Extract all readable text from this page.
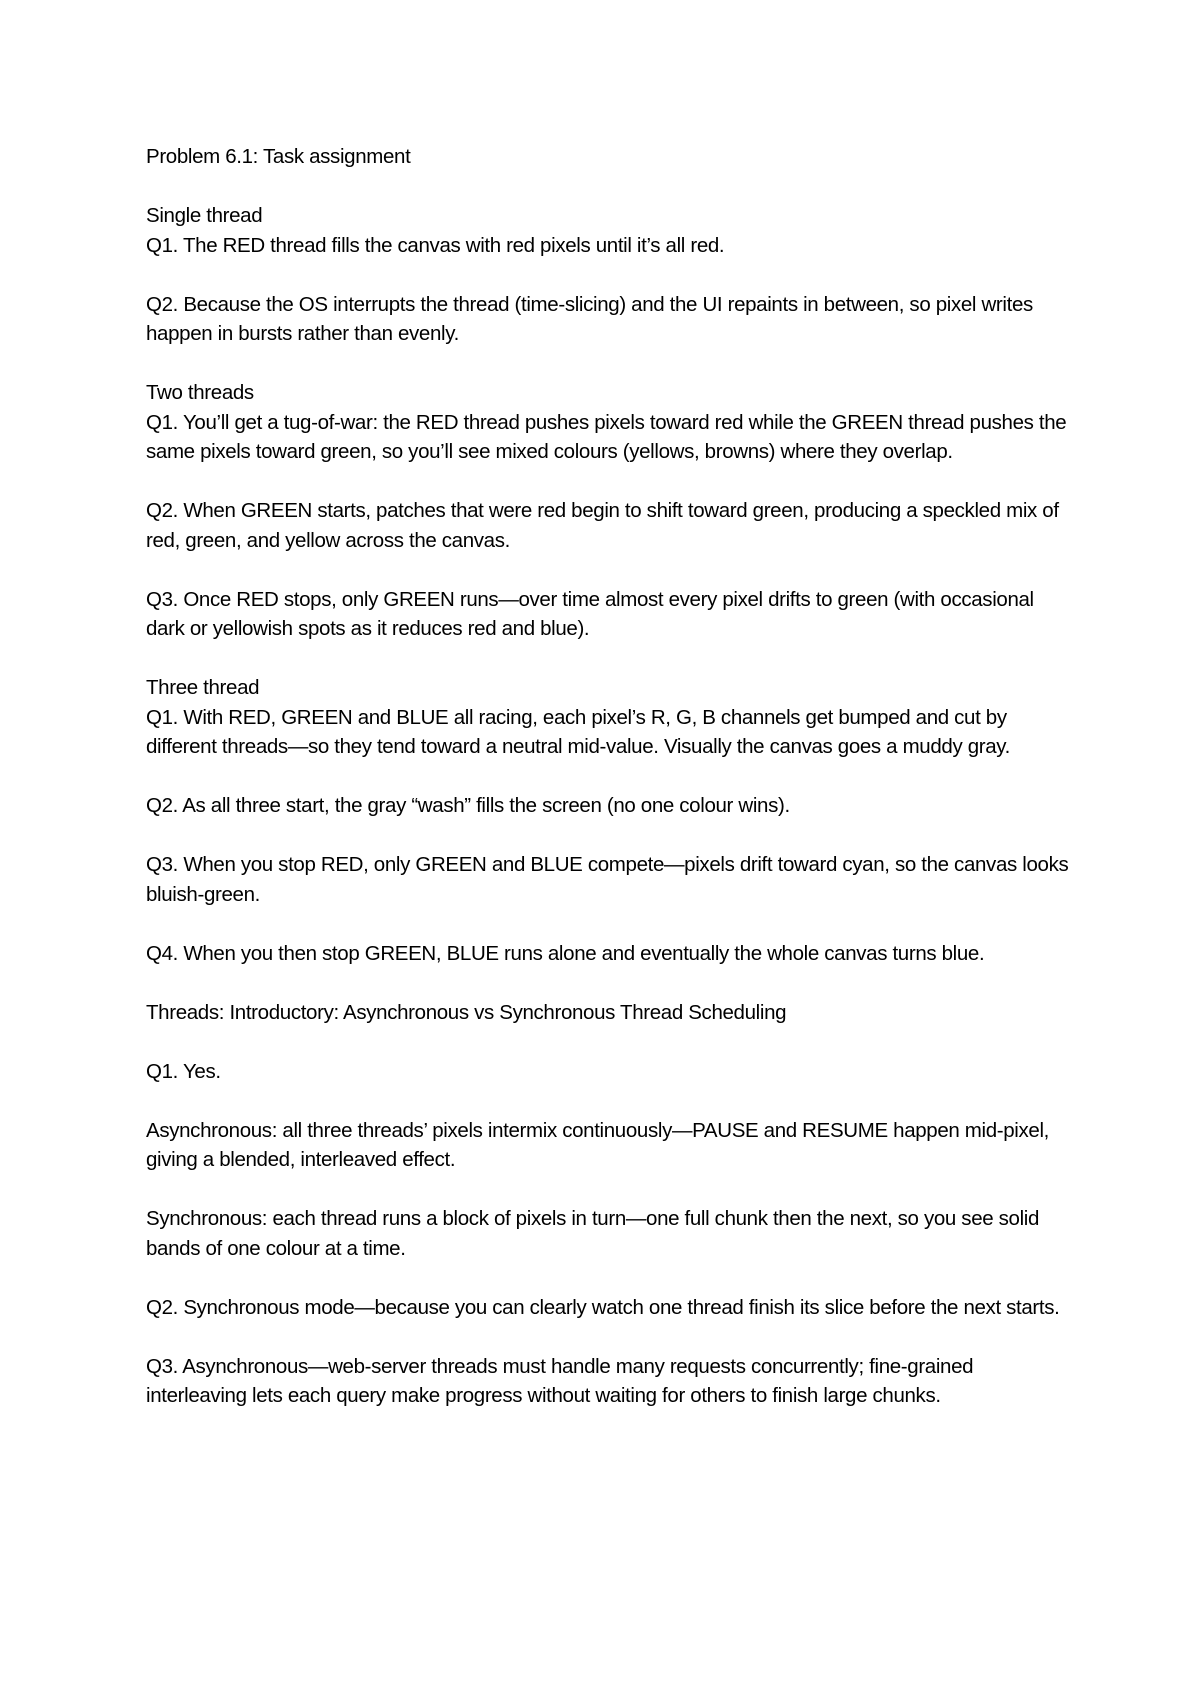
Problem 6.1: Task assignment

Single thread

Q1. The RED thread fills the canvas with red pixels until it’s all red.

Q2. Because the OS interrupts the thread (time-slicing) and the UI repaints in between, so pixel writes happen in bursts rather than evenly.

Two threads

Q1. You’ll get a tug-of-war: the RED thread pushes pixels toward red while the GREEN thread pushes the same pixels toward green, so you’ll see mixed colours (yellows, browns) where they overlap.

Q2. When GREEN starts, patches that were red begin to shift toward green, producing a speckled mix of red, green, and yellow across the canvas.

Q3. Once RED stops, only GREEN runs—over time almost every pixel drifts to green (with occasional dark or yellowish spots as it reduces red and blue).

Three thread

Q1. With RED, GREEN and BLUE all racing, each pixel’s R, G, B channels get bumped and cut by different threads—so they tend toward a neutral mid-value. Visually the canvas goes a muddy gray.

Q2. As all three start, the gray “wash” fills the screen (no one colour wins).

Q3. When you stop RED, only GREEN and BLUE compete—pixels drift toward cyan, so the canvas looks bluish-green.

Q4. When you then stop GREEN, BLUE runs alone and eventually the whole canvas turns blue.

Threads: Introductory: Asynchronous vs Synchronous Thread Scheduling

Q1. Yes.

Asynchronous: all three threads’ pixels intermix continuously—PAUSE and RESUME happen mid-pixel, giving a blended, interleaved effect.

Synchronous: each thread runs a block of pixels in turn—one full chunk then the next, so you see solid bands of one colour at a time.

Q2. Synchronous mode—because you can clearly watch one thread finish its slice before the next starts.

Q3. Asynchronous—web-server threads must handle many requests concurrently; fine-grained interleaving lets each query make progress without waiting for others to finish large chunks.
